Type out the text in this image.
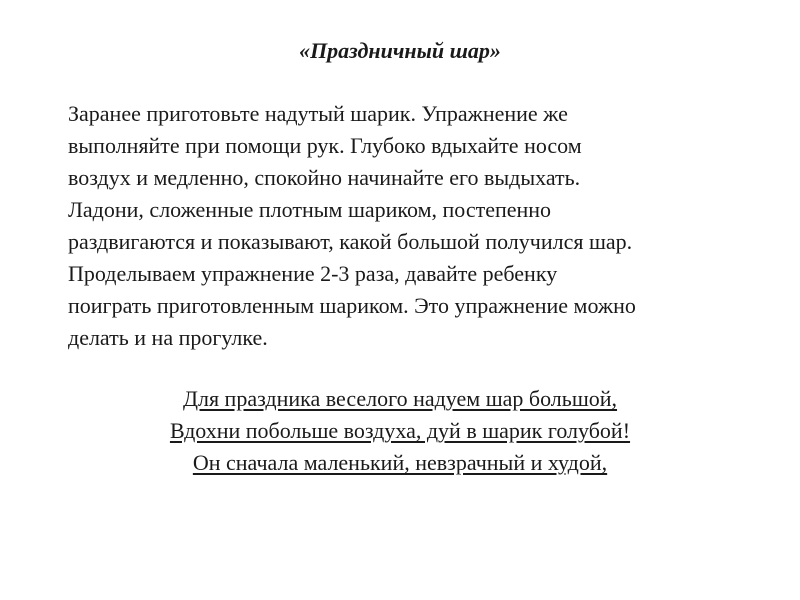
«Праздничный шар»

Заранее приготовьте надутый шарик. Упражнение же
выполняйте при помощи рук. Глубоко вдыхайте носом
воздух и медленно, спокойно начинайте его выдыхать.
Ладони, сложенные плотным шариком, постепенно
раздвигаются и показывают, какой большой получился шар.
Проделываем упражнение 2-3 раза, давайте ребенку
поиграть приготовленным шариком. Это упражнение можно
делать и на прогулке.

Для праздника веселого надуем шар большой,
Вдохни побольше воздуха, дуй в шарик голубой!
Он сначала маленький, невзрачный и худой,
